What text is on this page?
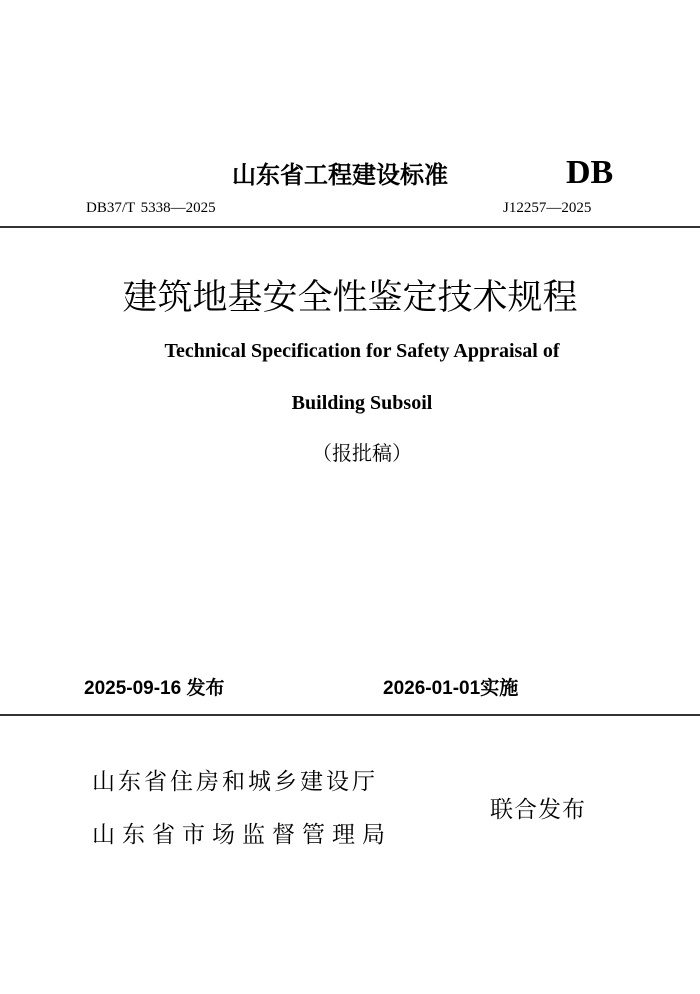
山东省工程建设标准	DB
DB37/T 5338—2025	J12257—2025
建筑地基安全性鉴定技术规程
Technical Specification for Safety Appraisal of
Building Subsoil
（报批稿）
2025-09-16 发布	2026-01-01实施
山东省住房和城乡建设厅
山东省市场监督管理局
联合发布
